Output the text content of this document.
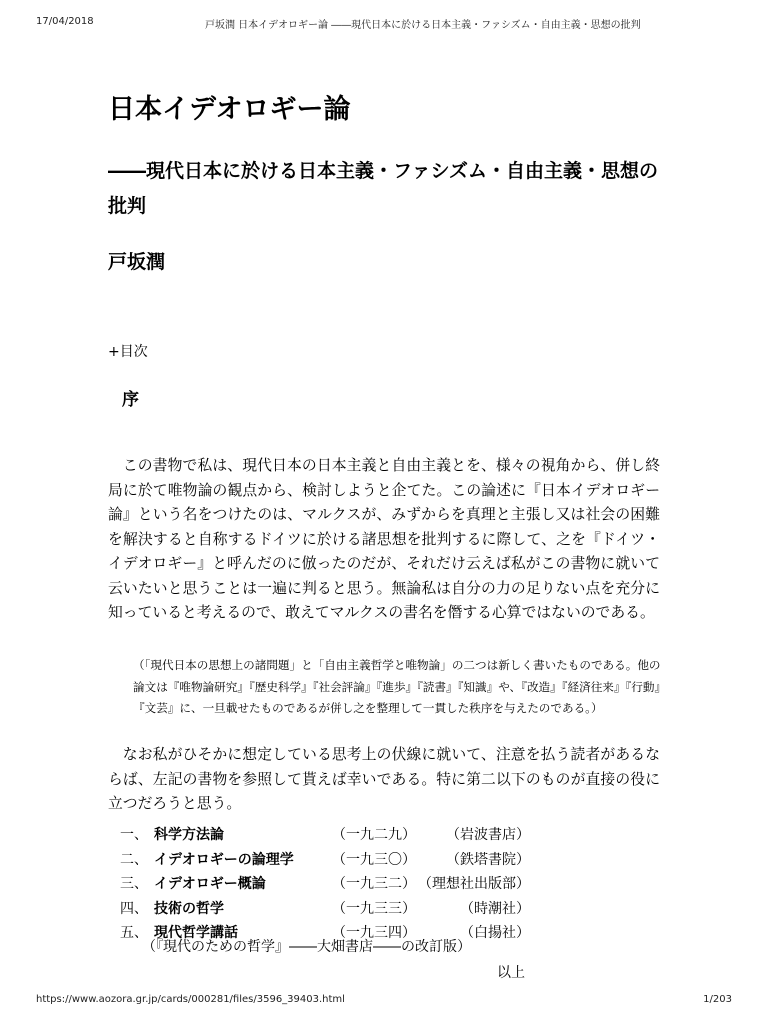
17/04/2018	戸坂潤 日本イデオロギー論 ――現代日本に於ける日本主義・ファシズム・自由主義・思想の批判
日本イデオロギー論
――現代日本に於ける日本主義・ファシズム・自由主義・思想の批判
戸坂潤
+目次
序

この書物で私は、現代日本の日本主義と自由主義とを、様々の視角から、併し終局に於て唯物論の観点から、検討しようと企てた。この論述に『日本イデオロギー論』という名をつけたのは、マルクスが、みずからを真理と主張し又は社会の困難を解決すると自称するドイツに於ける諸思想を批判するに際して、之を『ドイツ・イデオロギー』と呼んだのに倣ったのだが、それだけ云えば私がこの書物に就いて云いたいと思うことは一遍に判ると思う。無論私は自分の力の足りない点を充分に知っていると考えるので、敢えてマルクスの書名を僭する心算ではないのである。

（「現代日本の思想上の諸問題」と「自由主義哲学と唯物論」の二つは新しく書いたものである。他の論文は『唯物論研究』『歴史科学』『社会評論』『進歩』『読書』『知識』や、『改造』『経済往来』『行動』『文芸』に、一旦載せたものであるが併し之を整理して一貫した秩序を与えたのである。）

なお私がひそかに想定している思考上の伏線に就いて、注意を払う読者があるならば、左記の書物を参照して貰えば幸いである。特に第二以下のものが直接の役に立つだろうと思う。

一、 科学方法論	（一九二九） （岩波書店）
二、 イデオロギーの論理学	（一九三〇） （鉄塔書院）
三、 イデオロギー概論	（一九三二） （理想社出版部）
四、 技術の哲学	（一九三三）	（時潮社）
五、 現代哲学講話	（一九三四）	（白揚社）
（『現代のための哲学』――大畑書店――の改訂版）
以上
https://www.aozora.gr.jp/cards/000281/files/3596_39403.html	1/203
